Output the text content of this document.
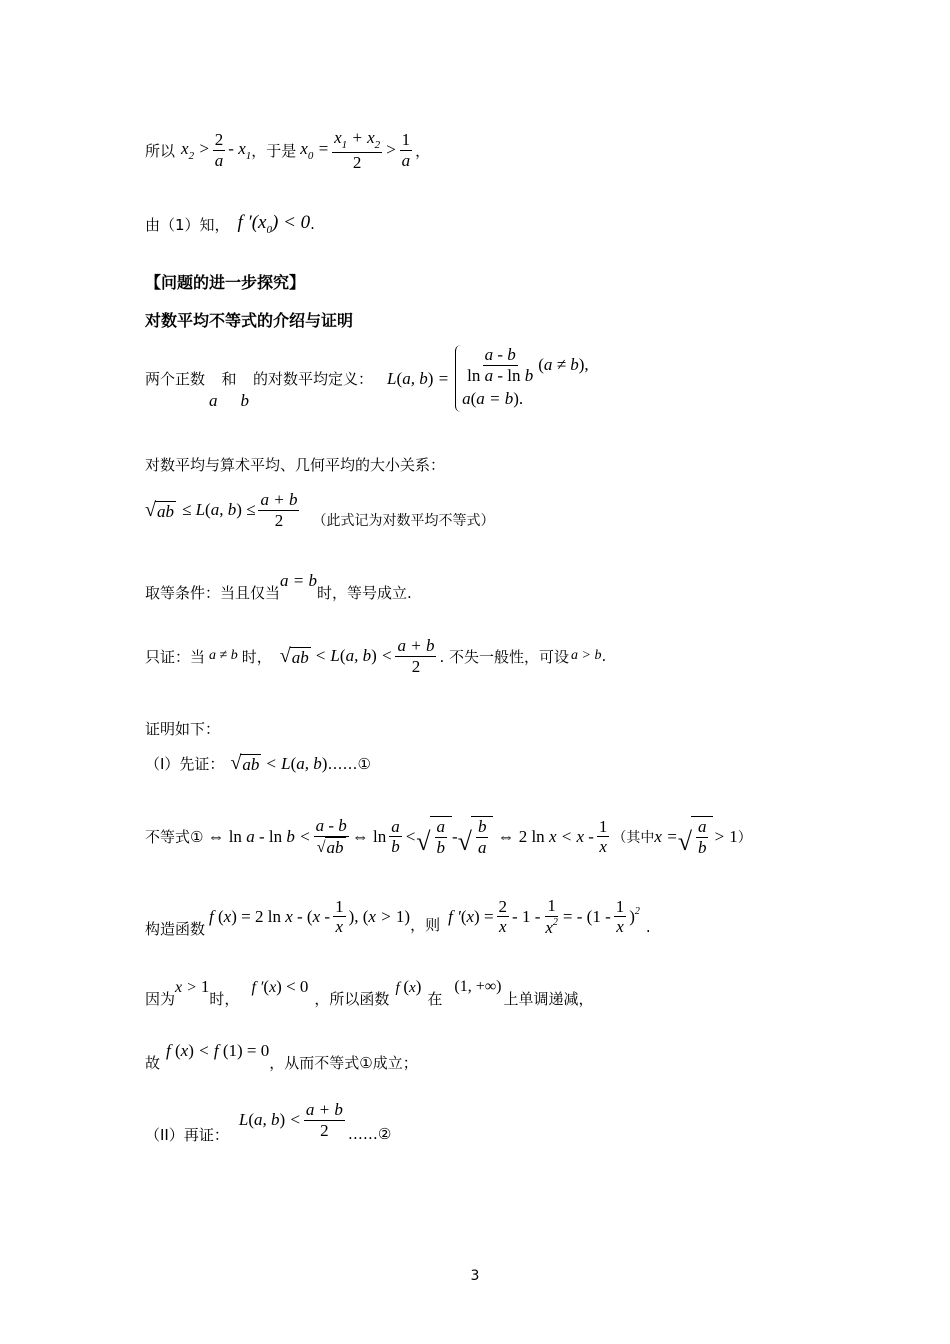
所以 $x_2 > \frac{2}{a} - x_1$ ，于是 $x_0 = \frac{x_1 + x_2}{2} > \frac{1}{a}$ ，
由（1）知， f $'(x_0) < 0$ .
【问题的进一步探究】
对数平均不等式的介绍与证明
两个正数
a
和
b
的对数平均定义： L(a, $b) = \frac{a - b}{\text{ln a - ln b}} (a \ne b)$,
a(a = b).
对数平均与算术平均、几何平均的大小关系：
√ ab ≤ L(a, $b) \le \frac{a + b}{2}$ （此式记为对数平均不等式）
取等条件：当且仅当
a = b
时，等号成立.
只证：当 a ≠ b 时， √ ab < L(a, $b) < \frac{a + b}{2}$ . 不失一般性，可设 a > b .
证明如下：
（I）先证： √ ab < L(a, b) ……①
不等式① ⇔ $\ln a - \ln b < \frac{a - b}{√ ab}$ ⇔ $\ln \frac{a}{b}$ < √ $\frac{a}{b}$ - √ $\frac{b}{a}$ ⇔ 2 $\ln x < x - \frac{1}{x}$ （其中 x = √ $\frac{a}{b} > 1$ ）
构造函数
f (x) = 2 ln x - ($x - \frac{1}{x}$ ), (x > 1) ，则 f $'(x) = \frac{2}{x} - 1 - \frac{1}{x^2}$ = - $(1 - \frac{1}{x} )^2$
.
因为
x > 1
时，
f ′(x) < 0
，所以函数
f (x)
在
(1, +∞)
上单调递减，
故
f (x) < f (1) = 0
，从而不等式①成立；
（II）再证：
L(a, $b) < \frac{a + b}{2}$ ……②
3
